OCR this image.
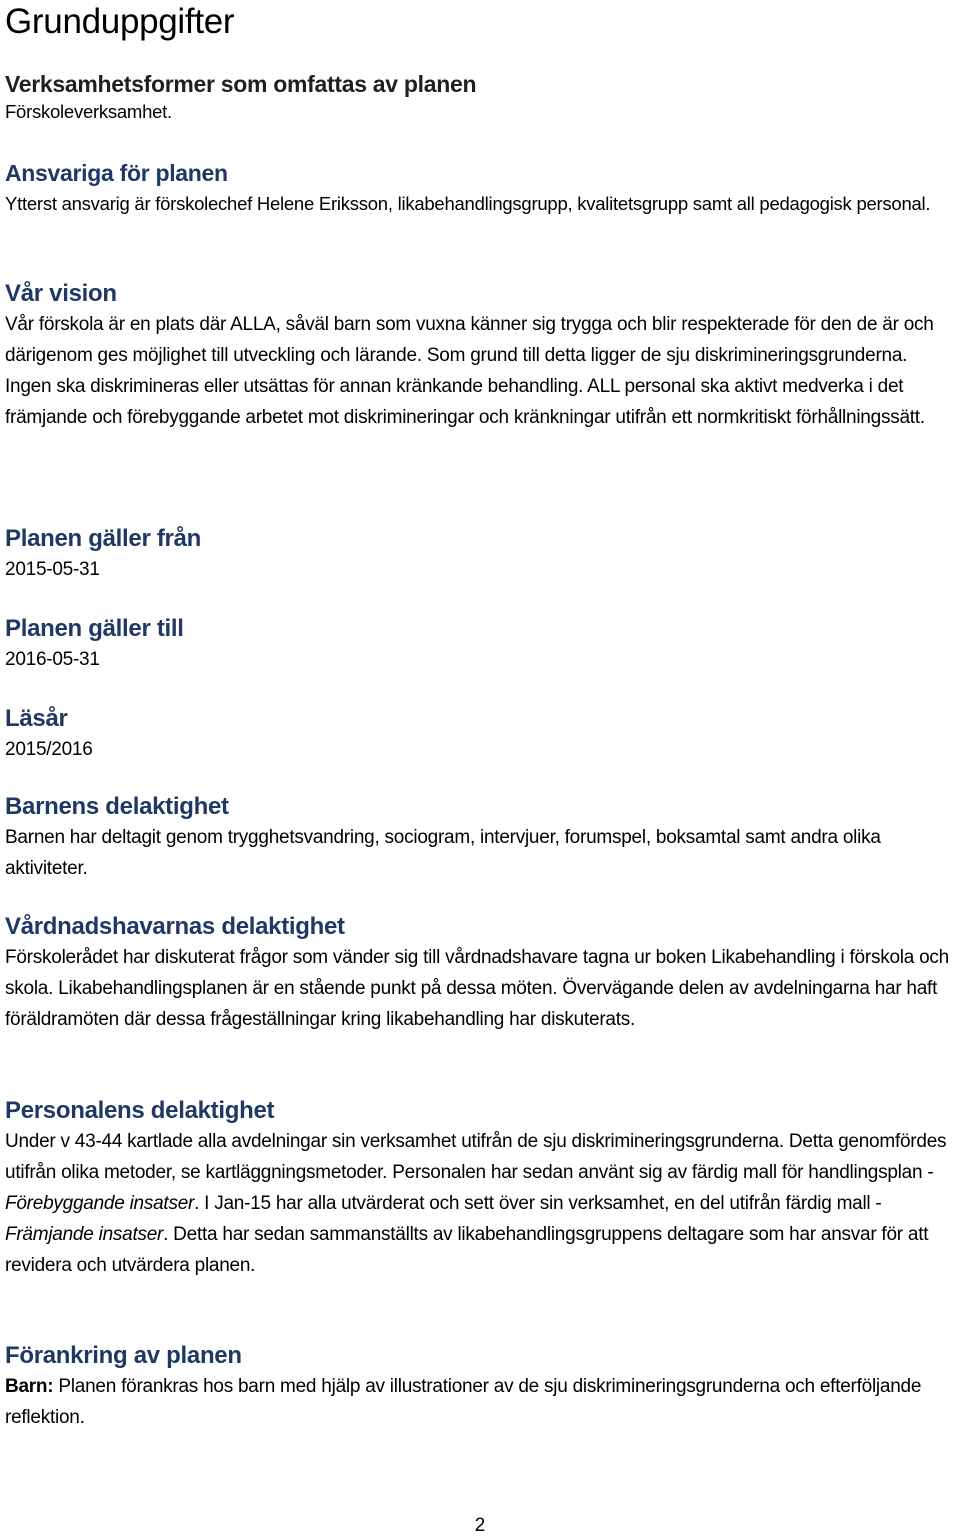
Grunduppgifter
Verksamhetsformer som omfattas av planen

Förskoleverksamhet.

Ansvariga för planen

Ytterst ansvarig är förskolechef Helene Eriksson, likabehandlingsgrupp, kvalitetsgrupp samt all pedagogisk personal.

Vår vision

Vår förskola är en plats där ALLA, såväl barn som vuxna känner sig trygga och blir respekterade för den de är och därigenom ges möjlighet till utveckling och lärande. Som grund till detta ligger de sju diskrimineringsgrunderna. Ingen ska diskrimineras eller utsättas för annan kränkande behandling. ALL personal ska aktivt medverka i det främjande och förebyggande arbetet mot diskrimineringar och kränkningar utifrån ett normkritiskt förhållningssätt.

Planen gäller från

2015-05-31

Planen gäller till

2016-05-31

Läsår

2015/2016

Barnens delaktighet

Barnen har deltagit genom trygghetsvandring, sociogram, intervjuer, forumspel, boksamtal samt andra olika aktiviteter.

Vårdnadshavarnas delaktighet

Förskolerådet har diskuterat frågor som vänder sig till vårdnadshavare tagna ur boken Likabehandling i förskola och skola. Likabehandlingsplanen är en stående punkt på dessa möten. Övervägande delen av avdelningarna har haft föräldramöten där dessa frågeställningar kring likabehandling har diskuterats.

Personalens delaktighet

Under v 43-44 kartlade alla avdelningar sin verksamhet utifrån de sju diskrimineringsgrunderna. Detta genomfördes utifrån olika metoder, se kartläggningsmetoder. Personalen har sedan använt sig av färdig mall för handlingsplan - Förebyggande insatser. I Jan-15 har alla utvärderat och sett över sin verksamhet, en del utifrån färdig mall - Främjande insatser. Detta har sedan sammanställts av likabehandlingsgruppens deltagare som har ansvar för att revidera och utvärdera planen.

Förankring av planen

Barn: Planen förankras hos barn med hjälp av illustrationer av de sju diskrimineringsgrunderna och efterföljande reflektion.

2
